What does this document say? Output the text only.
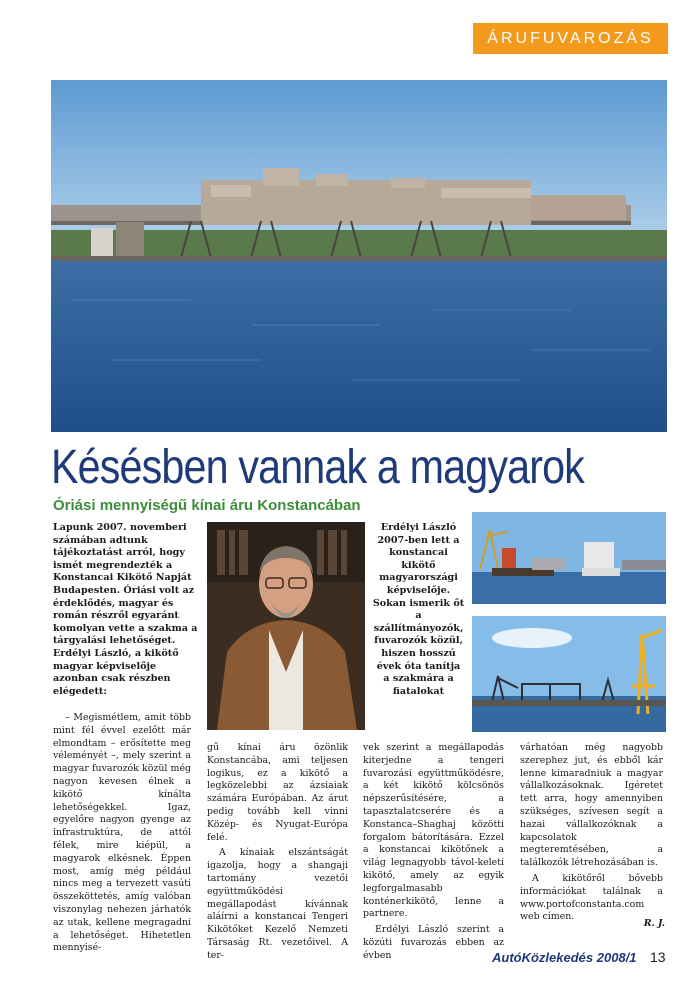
ÁRUFUVAROZÁS
Késésben vannak a magyarok
Óriási mennyiségű kínai áru Konstancában
Lapunk 2007. novemberi számában adtunk tájékoztatást arról, hogy ismét megrendezték a Konstancai Kikötő Napját Budapesten. Óriási volt az érdeklődés, magyar és román részről egyaránt komolyan vette a szakma a tárgyalási lehetőséget. Erdélyi László, a kikötő magyar képviselője azonban csak részben elégedett:
Erdélyi László 2007-ben lett a konstancai kikötő magyarországi képviselője. Sokan ismerik őt a szállítmányozók, fuvarozók közül, hiszen hosszú évek óta tanítja a szakmára a fiatalokat

– Megismétlem, amit több mint fél évvel ezelőtt már elmondtam – erősítette meg véleményét –, mely szerint a magyar fuvarozók közül még nagyon kevesen élnek a kikötő kínálta lehetőségekkel. Igaz, egyelőre nagyon gyenge az infrastruktúra, de attól félek, mire kiépül, a magyarok elkésnek. Éppen most, amíg még például nincs meg a tervezett vasúti összeköttetés, amíg valóban viszonylag nehezen járhatók az utak, kellene megragadni a lehetőséget. Hihetetlen mennyisé-

gű kínai áru özönlik Konstancába, ami teljesen logikus, ez a kikötő a legközelebbi az ázsiaiak számára Európában. Az árut pedig tovább kell vinni Közép- és Nyugat-Európa felé.

A kínaiak elszántságát igazolja, hogy a shangaji tartomány vezetői együttműködési megállapodást kívánnak aláírni a konstancai Tengeri Kikötőket Kezelő Nemzeti Társaság Rt. vezetőivel. A ter-

vek szerint a megállapodás kiterjedne a tengeri fuvarozási együttműködésre, a két kikötő kölcsönös népszerűsítésére, a tapasztalatcserére és a Konstanca–Shaghaj közötti forgalom bátorítására. Ezzel a konstancai kikötőnek a világ legnagyobb távol-keleti kikötő, amely az egyik legforgalmasabb konténerkikötő, lenne a partnere.

Erdélyi László szerint a közúti fuvarozás ebben az évben

várhatóan még nagyobb szerephez jut, és ebből kár lenne kimaradniuk a magyar vállalkozásoknak. Igéretet tett arra, hogy amennyiben szükséges, szívesen segít a hazai vállalkozóknak a kapcsolatok megteremtésében, a találkozók létrehozásában is.

A kikötőről bővebb információkat találnak a www.portofconstanta.com web címen.

R. J.
AutóKözlekedés 2008/1 13
